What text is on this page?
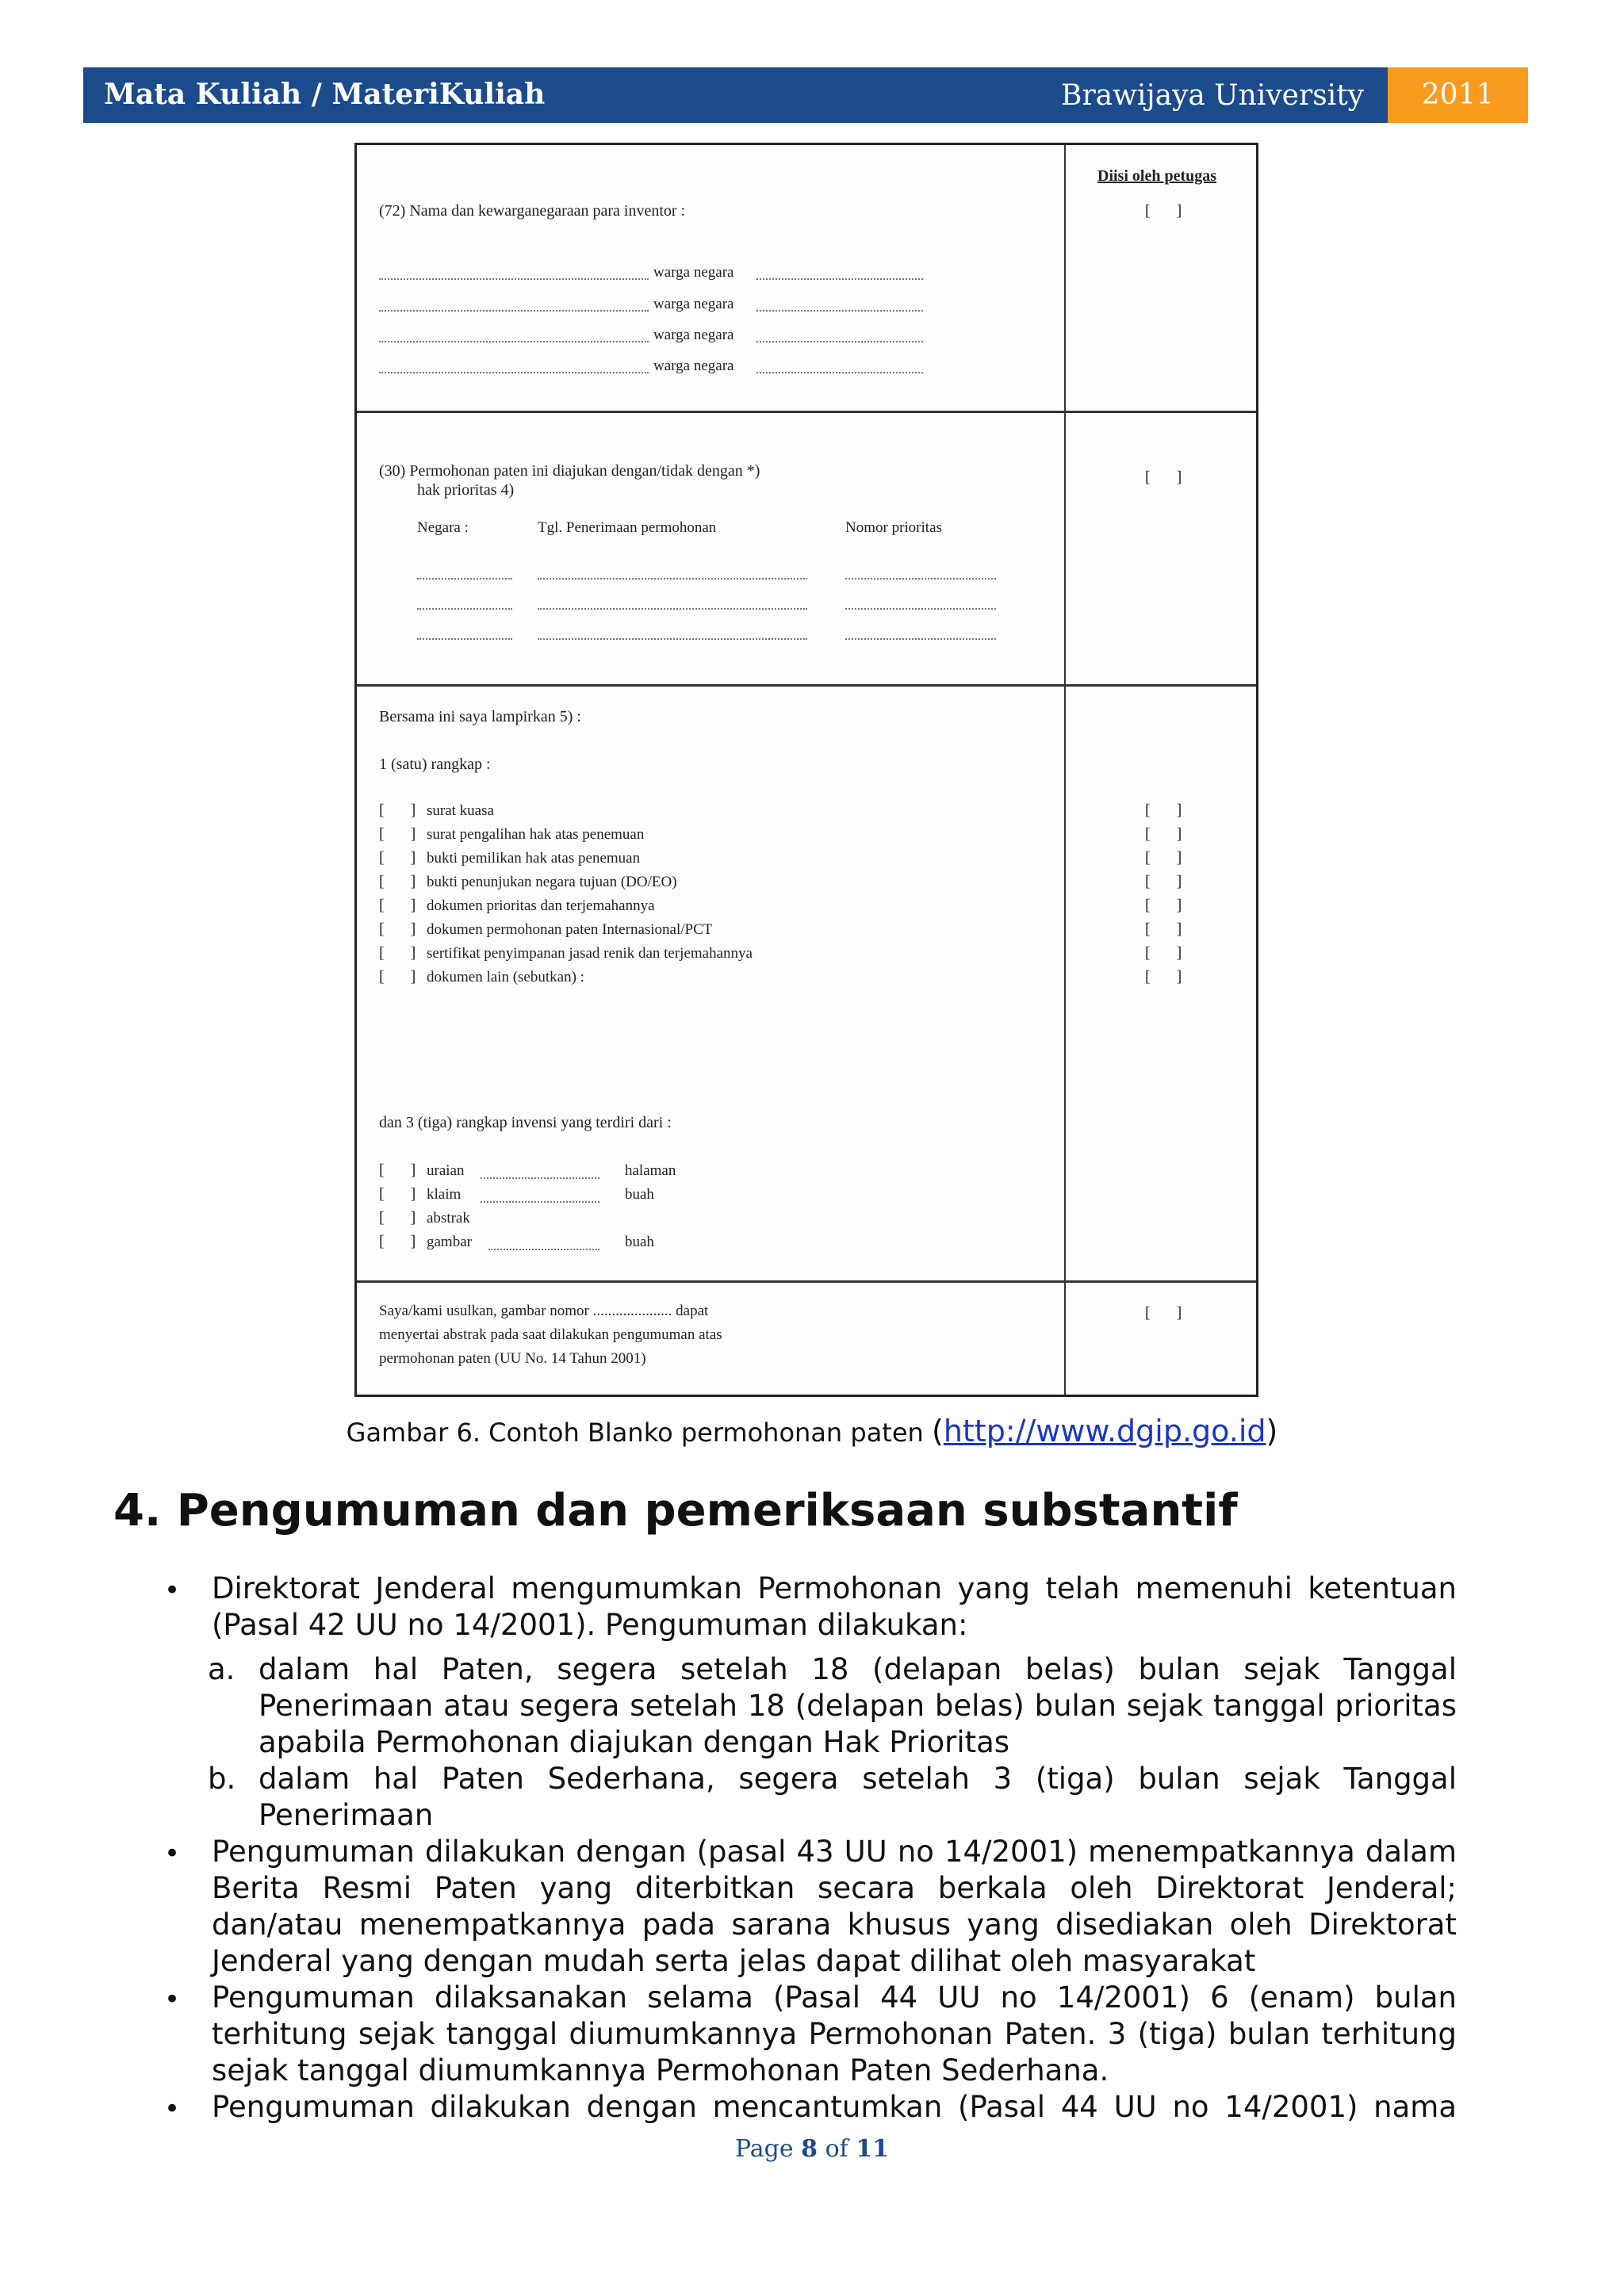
Mata Kuliah / MateriKuliah	Brawijaya University	2011
Diisi oleh petugas
[ ]
(72) Nama dan kewarganegaraan para inventor :
warga negara
warga negara
warga negara
warga negara
(30) Permohonan paten ini diajukan dengan/tidak dengan *)
hak prioritas 4)
[ ]
Negara :	Tgl. Penerimaan permohonan	Nomor prioritas
Bersama ini saya lampirkan 5) :
1 (satu) rangkap :
[ ] surat kuasa	[ ]
[ ] surat pengalihan hak atas penemuan	[ ]
[ ] bukti pemilikan hak atas penemuan	[ ]
[ ] bukti penunjukan negara tujuan (DO/EO)	[ ]
[ ] dokumen prioritas dan terjemahannya	[ ]
[ ] dokumen permohonan paten Internasional/PCT	[ ]
[ ] sertifikat penyimpanan jasad renik dan terjemahannya	[ ]
[ ] dokumen lain (sebutkan) :	[ ]
dan 3 (tiga) rangkap invensi yang terdiri dari :
[ ] uraian	halaman
[ ] klaim	buah
[ ] abstrak
[ ] gambar	buah
Saya/kami usulkan, gambar nomor ..................... dapat
menyertai abstrak pada saat dilakukan pengumuman atas
permohonan paten (UU No. 14 Tahun 2001)
[ ]
Gambar 6. Contoh Blanko permohonan paten (http://www.dgip.go.id)
4. Pengumuman dan pemeriksaan substantif
• Direktorat Jenderal mengumumkan Permohonan yang telah memenuhi ketentuan (Pasal 42 UU no 14/2001). Pengumuman dilakukan:
a. dalam hal Paten, segera setelah 18 (delapan belas) bulan sejak Tanggal Penerimaan atau segera setelah 18 (delapan belas) bulan sejak tanggal prioritas apabila Permohonan diajukan dengan Hak Prioritas
b. dalam hal Paten Sederhana, segera setelah 3 (tiga) bulan sejak Tanggal Penerimaan
• Pengumuman dilakukan dengan (pasal 43 UU no 14/2001) menempatkannya dalam Berita Resmi Paten yang diterbitkan secara berkala oleh Direktorat Jenderal; dan/atau menempatkannya pada sarana khusus yang disediakan oleh Direktorat Jenderal yang dengan mudah serta jelas dapat dilihat oleh masyarakat
• Pengumuman dilaksanakan selama (Pasal 44 UU no 14/2001) 6 (enam) bulan terhitung sejak tanggal diumumkannya Permohonan Paten. 3 (tiga) bulan terhitung sejak tanggal diumumkannya Permohonan Paten Sederhana.
• Pengumuman dilakukan dengan mencantumkan (Pasal 44 UU no 14/2001) nama
Page 8 of 11
